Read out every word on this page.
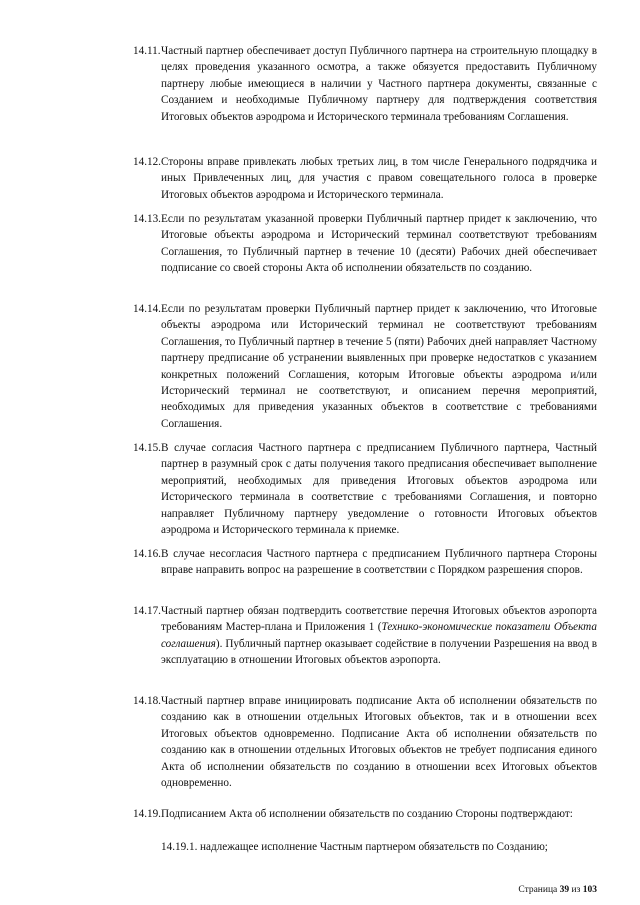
14.11. Частный партнер обеспечивает доступ Публичного партнера на строительную площадку в целях проведения указанного осмотра, а также обязуется предоставить Публичному партнеру любые имеющиеся в наличии у Частного партнера документы, связанные с Созданием и необходимые Публичному партнеру для подтверждения соответствия Итоговых объектов аэродрома и Исторического терминала требованиям Соглашения.
14.12. Стороны вправе привлекать любых третьих лиц, в том числе Генерального подрядчика и иных Привлеченных лиц, для участия с правом совещательного голоса в проверке Итоговых объектов аэродрома и Исторического терминала.
14.13. Если по результатам указанной проверки Публичный партнер придет к заключению, что Итоговые объекты аэродрома и Исторический терминал соответствуют требованиям Соглашения, то Публичный партнер в течение 10 (десяти) Рабочих дней обеспечивает подписание со своей стороны Акта об исполнении обязательств по созданию.
14.14. Если по результатам проверки Публичный партнер придет к заключению, что Итоговые объекты аэродрома или Исторический терминал не соответствуют требованиям Соглашения, то Публичный партнер в течение 5 (пяти) Рабочих дней направляет Частному партнеру предписание об устранении выявленных при проверке недостатков с указанием конкретных положений Соглашения, которым Итоговые объекты аэродрома и/или Исторический терминал не соответствуют, и описанием перечня мероприятий, необходимых для приведения указанных объектов в соответствие с требованиями Соглашения.
14.15. В случае согласия Частного партнера с предписанием Публичного партнера, Частный партнер в разумный срок с даты получения такого предписания обеспечивает выполнение мероприятий, необходимых для приведения Итоговых объектов аэродрома или Исторического терминала в соответствие с требованиями Соглашения, и повторно направляет Публичному партнеру уведомление о готовности Итоговых объектов аэродрома и Исторического терминала к приемке.
14.16. В случае несогласия Частного партнера с предписанием Публичного партнера Стороны вправе направить вопрос на разрешение в соответствии с Порядком разрешения споров.
14.17. Частный партнер обязан подтвердить соответствие перечня Итоговых объектов аэропорта требованиям Мастер-плана и Приложения 1 (Технико-экономические показатели Объекта соглашения). Публичный партнер оказывает содействие в получении Разрешения на ввод в эксплуатацию в отношении Итоговых объектов аэропорта.
14.18. Частный партнер вправе инициировать подписание Акта об исполнении обязательств по созданию как в отношении отдельных Итоговых объектов, так и в отношении всех Итоговых объектов одновременно. Подписание Акта об исполнении обязательств по созданию как в отношении отдельных Итоговых объектов не требует подписания единого Акта об исполнении обязательств по созданию в отношении всех Итоговых объектов одновременно.
14.19. Подписанием Акта об исполнении обязательств по созданию Стороны подтверждают:
14.19.1. надлежащее исполнение Частным партнером обязательств по Созданию;
Страница 39 из 103
